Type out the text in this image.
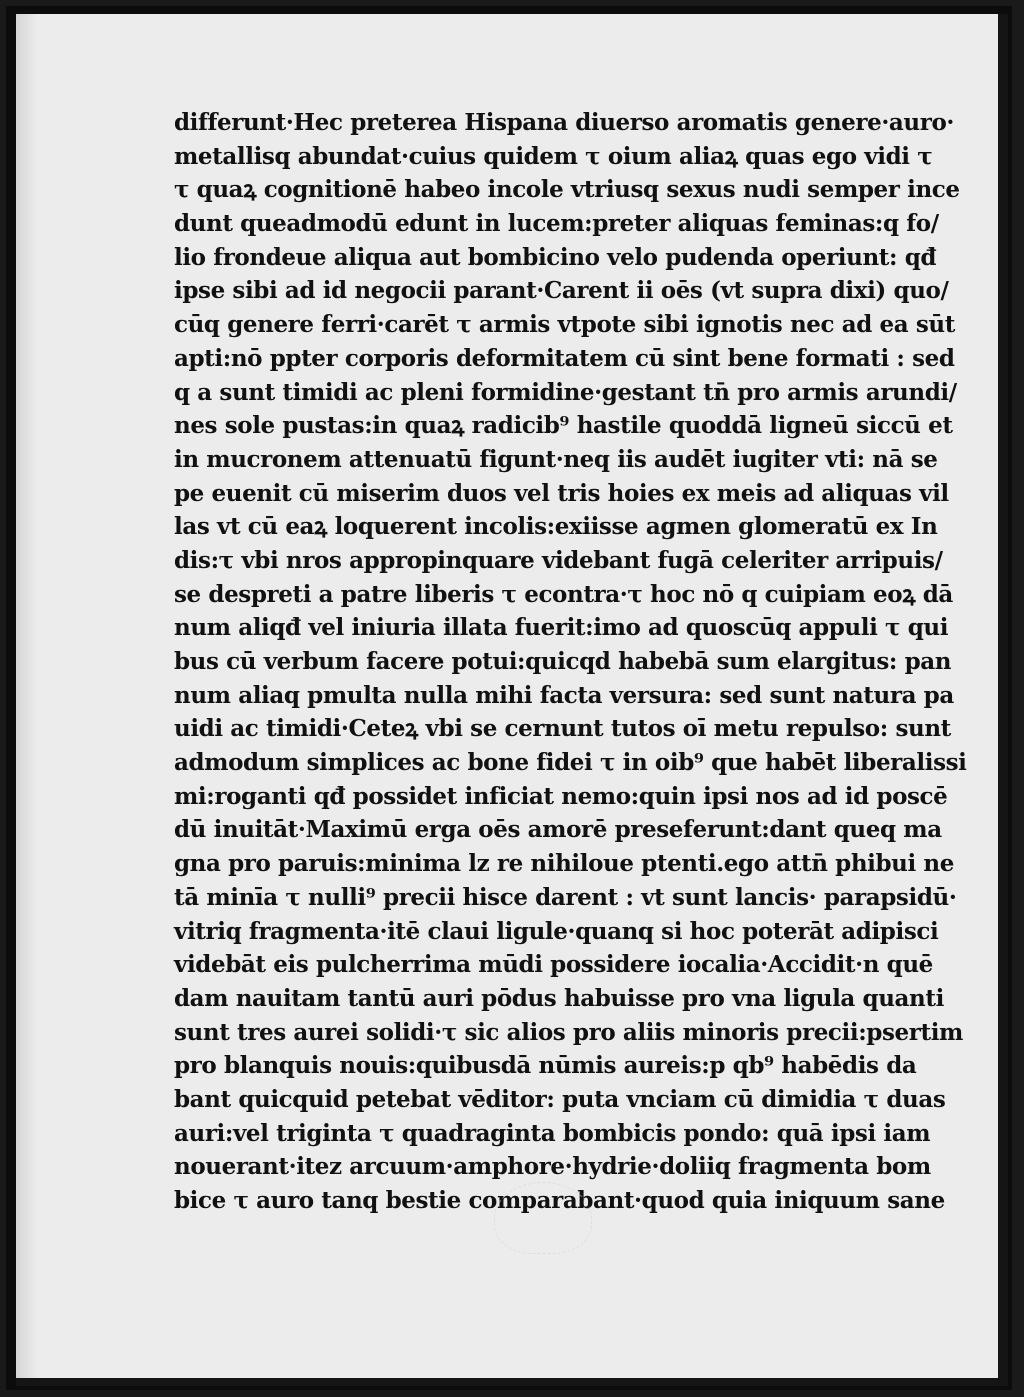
differunt·Hec preterea Hispana diuerso aromatis genere·auro·
metallisq abundat·cuius quidem τ oium aliaꝝ quas ego vidi τ
τ quaꝝ cognitionē habeo incole vtriusq sexus nudi semper ince
dunt queadmodū edunt in lucem:preter aliquas feminas:q fo/
lio frondeue aliqua aut bombicino velo pudenda operiunt: qđ
ipse sibi ad id negocii parant·Carent ii oēs (vt supra dixi) quo/
cūq genere ferri·carēt τ armis vtpote sibi ignotis nec ad ea sūt
apti:nō ppter corporis deformitatem cū sint bene formati : sed
q a sunt timidi ac pleni formidine·gestant tn̄ pro armis arundi/
nes sole pustas:in quaꝝ radicib⁹ hastile quoddā ligneū siccū et
in mucronem attenuatū figunt·neq iis audēt iugiter vti: nā se
pe euenit cū miserim duos vel tris hoies ex meis ad aliquas vil
las vt cū eaꝝ loquerent incolis:exiisse agmen glomeratū ex In
dis:τ vbi nros appropinquare videbant fugā celeriter arripuis/
se despreti a patre liberis τ econtra·τ hoc nō q cuipiam eoꝝ dā
num aliqđ vel iniuria illata fuerit:imo ad quoscūq appuli τ qui
bus cū verbum facere potui:quicqd habebā sum elargitus: pan
num aliaq pmulta nulla mihi facta versura: sed sunt natura pa
uidi ac timidi·Ceteꝝ vbi se cernunt tutos oī metu repulso: sunt
admodum simplices ac bone fidei τ in oib⁹ que habēt liberalissi
mi:roganti qđ possidet inficiat nemo:quin ipsi nos ad id poscē
dū inuitāt·Maximū erga oēs amorē preseferunt:dant queq ma
gna pro paruis:minima lz re nihiloue ptenti.ego attn̄ phibui ne
tā minīa τ nulli⁹ precii hisce darent : vt sunt lancis· parapsidū·
vitriq fragmenta·itē claui ligule·quanq si hoc poterāt adipisci
videbāt eis pulcherrima mūdi possidere iocalia·Accidit·n quē
dam nauitam tantū auri pōdus habuisse pro vna ligula quanti
sunt tres aurei solidi·τ sic alios pro aliis minoris precii:psertim
pro blanquis nouis:quibusdā nūmis aureis:p qb⁹ habēdis da
bant quicquid petebat vēditor: puta vnciam cū dimidia τ duas
auri:vel triginta τ quadraginta bombicis pondo: quā ipsi iam
nouerant·itez arcuum·amphore·hydrie·doliiq fragmenta bom
bice τ auro tanq bestie comparabant·quod quia iniquum sane
